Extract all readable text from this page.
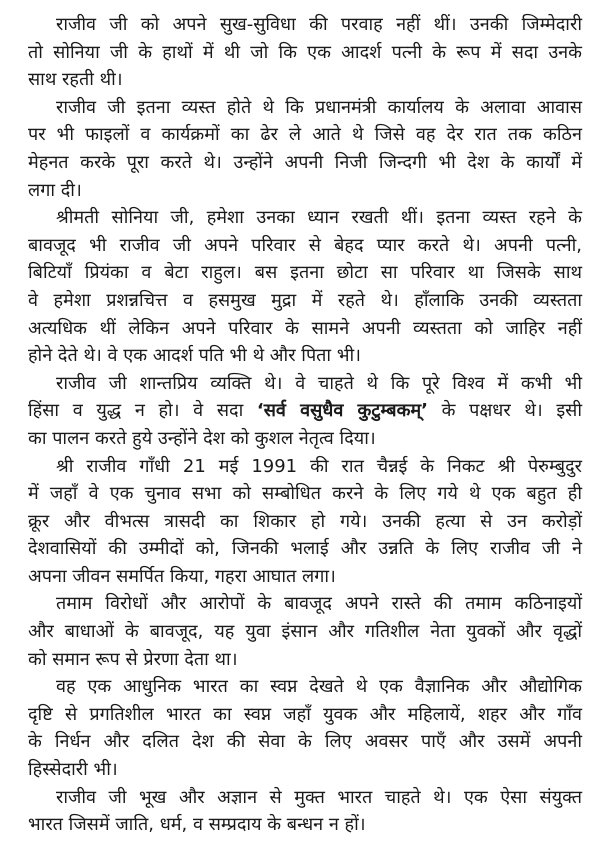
राजीव जी को अपने सुख-सुविधा की परवाह नहीं थीं। उनकी जिम्मेदारी
तो सोनिया जी के हाथों में थी जो कि एक आदर्श पत्नी के रूप में सदा उनके
साथ रहती थी।
राजीव जी इतना व्यस्त होते थे कि प्रधानमंत्री कार्यालय के अलावा आवास
पर भी फाइलों व कार्यक्रमों का ढेर ले आते थे जिसे वह देर रात तक कठिन
मेहनत करके पूरा करते थे। उन्होंने अपनी निजी जिन्दगी भी देश के कार्यों में
लगा दी।
श्रीमती सोनिया जी, हमेशा उनका ध्यान रखती थीं। इतना व्यस्त रहने के
बावजूद भी राजीव जी अपने परिवार से बेहद प्यार करते थे। अपनी पत्नी,
बिटियाँ प्रियंका व बेटा राहुल। बस इतना छोटा सा परिवार था जिसके साथ
वे हमेशा प्रशन्नचित्त व हसमुख मुद्रा में रहते थे। हाँलाकि उनकी व्यस्तता
अत्यधिक थीं लेकिन अपने परिवार के सामने अपनी व्यस्तता को जाहिर नहीं
होने देते थे। वे एक आदर्श पति भी थे और पिता भी।
राजीव जी शान्तप्रिय व्यक्ति थे। वे चाहते थे कि पूरे विश्व में कभी भी
हिंसा व युद्ध न हो। वे सदा ‘सर्व वसुधैव कुटुम्बकम्’ के पक्षधर थे। इसी
का पालन करते हुये उन्होंने देश को कुशल नेतृत्व दिया।
श्री राजीव गाँधी 21 मई 1991 की रात चैन्नई के निकट श्री पेरुम्बुदुर
में जहाँ वे एक चुनाव सभा को सम्बोधित करने के लिए गये थे एक बहुत ही
क्रूर और वीभत्स त्रासदी का शिकार हो गये। उनकी हत्या से उन करोड़ों
देशवासियों की उम्मीदों को, जिनकी भलाई और उन्नति के लिए राजीव जी ने
अपना जीवन समर्पित किया, गहरा आघात लगा।
तमाम विरोधों और आरोपों के बावजूद अपने रास्ते की तमाम कठिनाइयों
और बाधाओं के बावजूद, यह युवा इंसान और गतिशील नेता युवकों और वृद्धों
को समान रूप से प्रेरणा देता था।
वह एक आधुनिक भारत का स्वप्न देखते थे एक वैज्ञानिक और औद्योगिक
दृष्टि से प्रगतिशील भारत का स्वप्न जहाँ युवक और महिलायें, शहर और गाँव
के निर्धन और दलित देश की सेवा के लिए अवसर पाएँ और उसमें अपनी
हिस्सेदारी भी।
राजीव जी भूख और अज्ञान से मुक्त भारत चाहते थे। एक ऐसा संयुक्त
भारत जिसमें जाति, धर्म, व सम्प्रदाय के बन्धन न हों।
